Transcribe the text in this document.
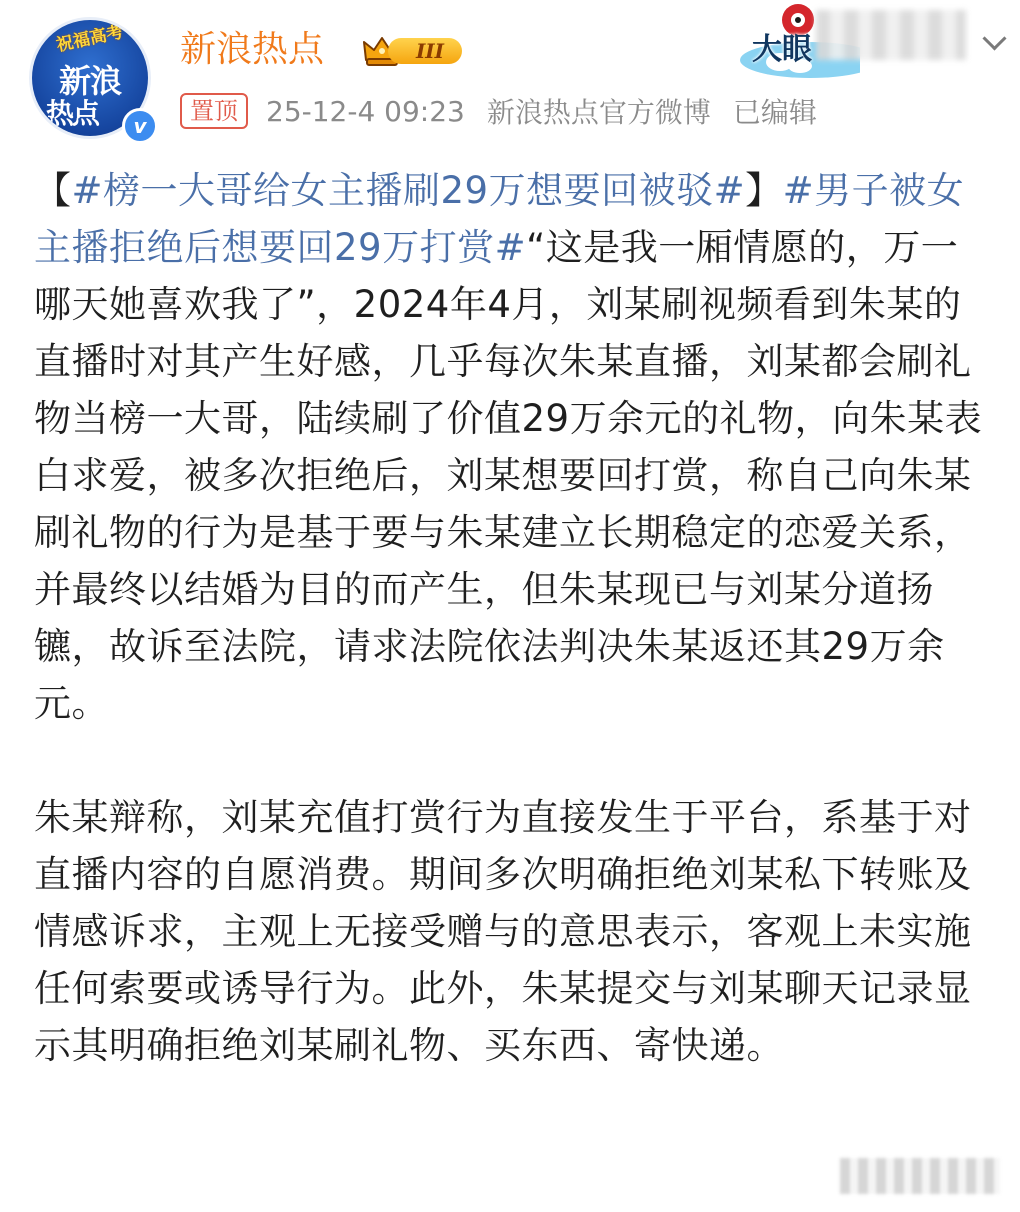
祝福高考
新浪
热点	v
新浪热点	III
置顶	25-12-4 09:23 新浪热点官方微博 已编辑
大眼

【#榜一大哥给女主播刷29万想要回被驳#】#男子被女主播拒绝后想要回29万打赏#“这是我一厢情愿的，万一哪天她喜欢我了”，2024年4月，刘某刷视频看到朱某的直播时对其产生好感，几乎每次朱某直播，刘某都会刷礼物当榜一大哥，陆续刷了价值29万余元的礼物，向朱某表白求爱，被多次拒绝后，刘某想要回打赏，称自己向朱某刷礼物的行为是基于要与朱某建立长期稳定的恋爱关系，并最终以结婚为目的而产生，但朱某现已与刘某分道扬镳，故诉至法院，请求法院依法判决朱某返还其29万余元。

朱某辩称，刘某充值打赏行为直接发生于平台，系基于对直播内容的自愿消费。期间多次明确拒绝刘某私下转账及情感诉求，主观上无接受赠与的意思表示，客观上未实施任何索要或诱导行为。此外，朱某提交与刘某聊天记录显示其明确拒绝刘某刷礼物、买东西、寄快递。
